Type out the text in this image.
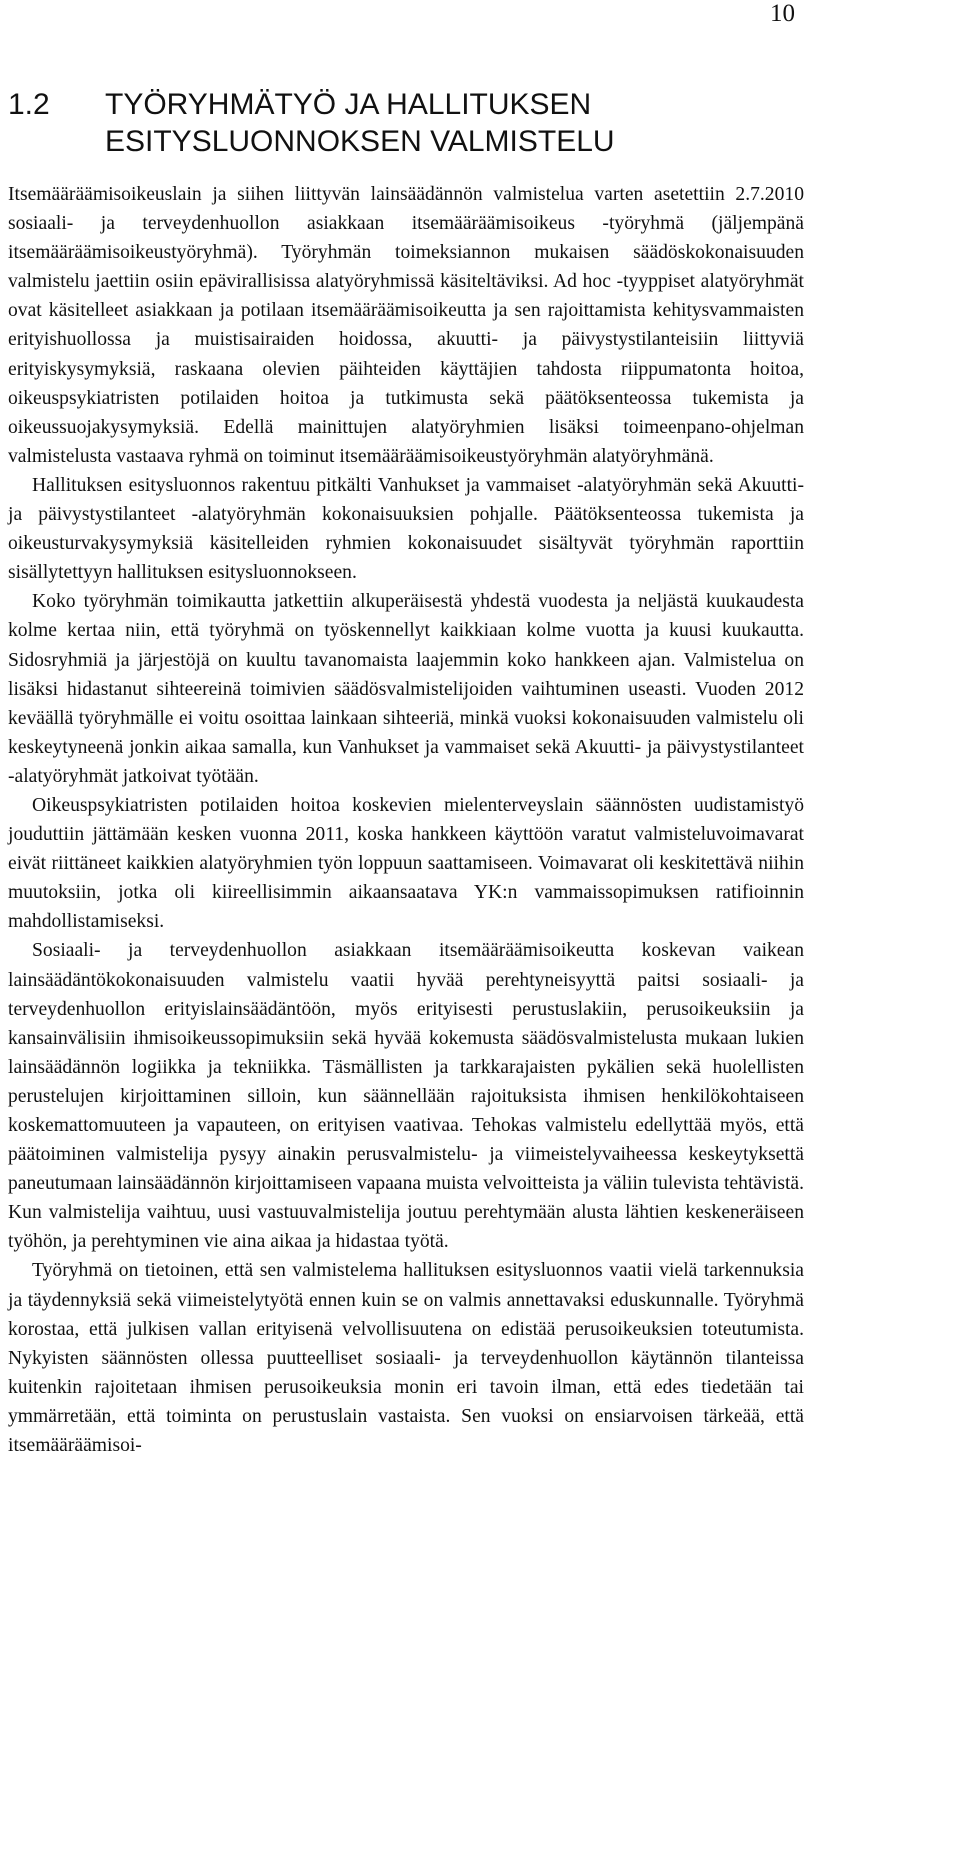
10
1.2 TYÖRYHMÄTYÖ JA HALLITUKSEN
ESITYSLUONNOKSEN VALMISTELU

Itsemääräämisoikeuslain ja siihen liittyvän lainsäädännön valmistelua varten asetettiin 2.7.2010 sosiaali- ja terveydenhuollon asiakkaan itsemääräämisoikeus -työryhmä (jäljempänä itsemääräämisoikeustyöryhmä). Työryhmän toimeksiannon mukaisen säädöskokonaisuuden valmistelu jaettiin osiin epävirallisissa alatyöryhmissä käsiteltäviksi. Ad hoc -tyyppiset alatyöryhmät ovat käsitelleet asiakkaan ja potilaan itsemääräämisoikeutta ja sen rajoittamista kehitysvammaisten erityishuollossa ja muistisairaiden hoidossa, akuutti- ja päivystystilanteisiin liittyviä erityiskysymyksiä, raskaana olevien päihteiden käyttäjien tahdosta riippumatonta hoitoa, oikeuspsykiatristen potilaiden hoitoa ja tutkimusta sekä päätöksenteossa tukemista ja oikeussuojakysymyksiä. Edellä mainittujen alatyöryhmien lisäksi toimeenpano-ohjelman valmistelusta vastaava ryhmä on toiminut itsemääräämisoikeustyöryhmän alatyöryhmänä.

Hallituksen esitysluonnos rakentuu pitkälti Vanhukset ja vammaiset -alatyöryhmän sekä Akuutti- ja päivystystilanteet -alatyöryhmän kokonaisuuksien pohjalle. Päätöksenteossa tukemista ja oikeusturvakysymyksiä käsitelleiden ryhmien kokonaisuudet sisältyvät työryhmän raporttiin sisällytettyyn hallituksen esitysluonnokseen.

Koko työryhmän toimikautta jatkettiin alkuperäisestä yhdestä vuodesta ja neljästä kuukaudesta kolme kertaa niin, että työryhmä on työskennellyt kaikkiaan kolme vuotta ja kuusi kuukautta. Sidosryhmiä ja järjestöjä on kuultu tavanomaista laajemmin koko hankkeen ajan. Valmistelua on lisäksi hidastanut sihteereinä toimivien säädösvalmistelijoiden vaihtuminen useasti. Vuoden 2012 keväällä työryhmälle ei voitu osoittaa lainkaan sihteeriä, minkä vuoksi kokonaisuuden valmistelu oli keskeytyneenä jonkin aikaa samalla, kun Vanhukset ja vammaiset sekä Akuutti- ja päivystystilanteet -alatyöryhmät jatkoivat työtään.

Oikeuspsykiatristen potilaiden hoitoa koskevien mielenterveyslain säännösten uudistamistyö jouduttiin jättämään kesken vuonna 2011, koska hankkeen käyttöön varatut valmisteluvoimavarat eivät riittäneet kaikkien alatyöryhmien työn loppuun saattamiseen. Voimavarat oli keskitettävä niihin muutoksiin, jotka oli kiireellisimmin aikaansaatava YK:n vammaissopimuksen ratifioinnin mahdollistamiseksi.

Sosiaali- ja terveydenhuollon asiakkaan itsemääräämisoikeutta koskevan vaikean lainsäädäntökokonaisuuden valmistelu vaatii hyvää perehtyneisyyttä paitsi sosiaali- ja terveydenhuollon erityislainsäädäntöön, myös erityisesti perustuslakiin, perusoikeuksiin ja kansainvälisiin ihmisoikeussopimuksiin sekä hyvää kokemusta säädösvalmistelusta mukaan lukien lainsäädännön logiikka ja tekniikka. Täsmällisten ja tarkkarajaisten pykälien sekä huolellisten perustelujen kirjoittaminen silloin, kun säännellään rajoituksista ihmisen henkilökohtaiseen koskemattomuuteen ja vapauteen, on erityisen vaativaa. Tehokas valmistelu edellyttää myös, että päätoiminen valmistelija pysyy ainakin perusvalmistelu- ja viimeistelyvaiheessa keskeytyksettä paneutumaan lainsäädännön kirjoittamiseen vapaana muista velvoitteista ja väliin tulevista tehtävistä. Kun valmistelija vaihtuu, uusi vastuuvalmistelija joutuu perehtymään alusta lähtien keskeneräiseen työhön, ja perehtyminen vie aina aikaa ja hidastaa työtä.

Työryhmä on tietoinen, että sen valmistelema hallituksen esitysluonnos vaatii vielä tarkennuksia ja täydennyksiä sekä viimeistelytyötä ennen kuin se on valmis annettavaksi eduskunnalle. Työryhmä korostaa, että julkisen vallan erityisenä velvollisuutena on edistää perusoikeuksien toteutumista. Nykyisten säännösten ollessa puutteelliset sosiaali- ja terveydenhuollon käytännön tilanteissa kuitenkin rajoitetaan ihmisen perusoikeuksia monin eri tavoin ilman, että edes tiedetään tai ymmärretään, että toiminta on perustuslain vastaista. Sen vuoksi on ensiarvoisen tärkeää, että itsemääräämisoi-
